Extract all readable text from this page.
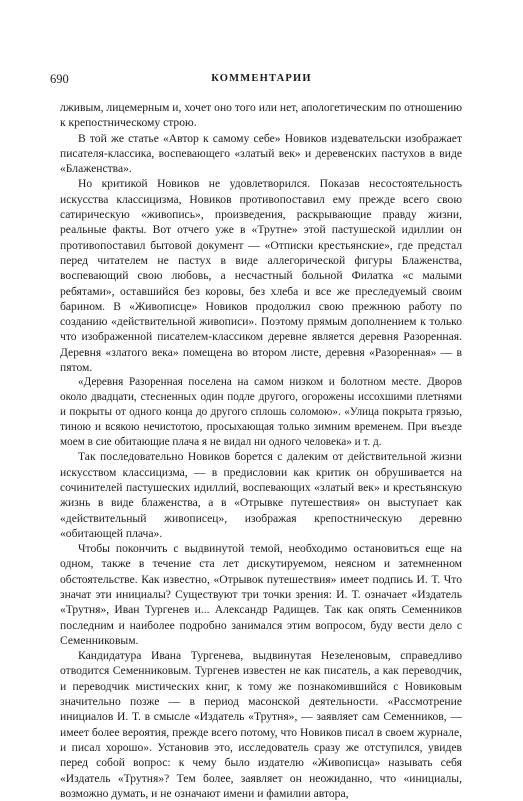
690	КОММЕНТАРИИ

лживым, лицемерным и, хочет оно того или нет, апологетическим по отношению к крепостническому строю.

В той же статье «Автор к самому себе» Новиков издевательски изображает писателя-классика, воспевающего «златый век» и деревенских пастухов в виде «Блаженства».

Но критикой Новиков не удовлетворился. Показав несостоятельность искусства классицизма, Новиков противопоставил ему прежде всего свою сатирическую «живопись», произведения, раскрывающие правду жизни, реальные факты. Вот отчего уже в «Трутне» этой пастушеской идиллии он противопоставил бытовой документ — «Отписки крестьянские», где предстал перед читателем не пастух в виде аллегорической фигуры Блаженства, воспевающий свою любовь, а несчастный больной Филатка «с малыми ребятами», оставшийся без коровы, без хлеба и все же преследуемый своим барином. В «Живописце» Новиков продолжил свою прежнюю работу по созданию «действительной живописи». Поэтому прямым дополнением к только что изображенной писателем-классиком деревне является деревня Разоренная. Деревня «златого века» помещена во втором листе, деревня «Разоренная» — в пятом.

«Деревня Разоренная поселена на самом низком и болотном месте. Дворов около двадцати, стесненных один подле другого, огорожены иссохшими плетнями и покрыты от одного конца до другого сплошь соломою». «Улица покрыта грязью, тиною и всякою нечистотою, просыхающая только зимним временем. При въезде моем в сие обитающие плача я не видал ни одного человека» и т. д.

Так последовательно Новиков борется с далеким от действительной жизни искусством классицизма, — в предисловии как критик он обрушивается на сочинителей пастушеских идиллий, воспевающих «златый век» и крестьянскую жизнь в виде блаженства, а в «Отрывке путешествия» он выступает как «действительный живописец», изображая крепостническую деревню «обитающей плача».

Чтобы покончить с выдвинутой темой, необходимо остановиться еще на одном, также в течение ста лет дискутируемом, неясном и затемненном обстоятельстве. Как известно, «Отрывок путешествия» имеет подпись И. Т. Что значат эти инициалы? Существуют три точки зрения: И. Т. означает «Издатель «Трутня», Иван Тургенев и... Александр Радищев. Так как опять Семенников последним и наиболее подробно занимался этим вопросом, буду вести дело с Семенниковым.

Кандидатура Ивана Тургенева, выдвинутая Незеленовым, справедливо отводится Семенниковым. Тургенев известен не как писатель, а как переводчик, и переводчик мистических книг, к тому же познакомившийся с Новиковым значительно позже — в период масонской деятельности. «Рассмотрение инициалов И. Т. в смысле «Издатель «Трутня», — заявляет сам Семенников, — имеет более вероятия, прежде всего потому, что Новиков писал в своем журнале, и писал хорошо». Установив это, исследователь сразу же отступился, увидев перед собой вопрос: к чему было издателю «Живописца» называть себя «Издатель «Трутня»? Тем более, заявляет он неожиданно, что «инициалы, возможно думать, и не означают имени и фамилии автора,
